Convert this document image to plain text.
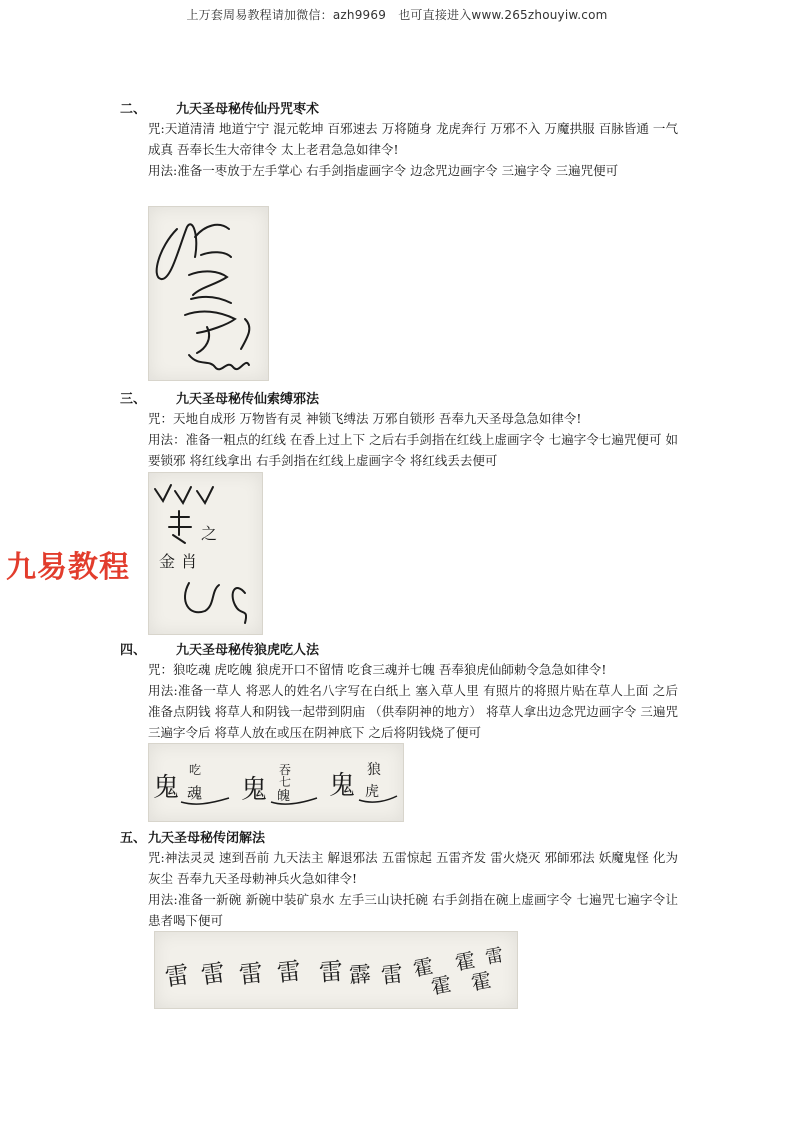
上万套周易教程请加微信：azh9969　也可直接进入www.265zhouyiw.com
二、 九天圣母秘传仙丹咒枣术
咒:天道清清 地道宁宁 混元乾坤 百邪速去 万将随身 龙虎奔行 万邪不入 万魔拱服 百脉皆通 一气成真 吾奉长生大帝律令 太上老君急急如律令!
用法:准备一枣放于左手掌心 右手剑指虚画字令 边念咒边画字令 三遍字令 三遍咒便可
三、 九天圣母秘传仙索缚邪法
咒：天地自成形 万物皆有灵 神锁飞缚法 万邪自锁形 吾奉九天圣母急急如律令!
用法：准备一粗点的红线 在香上过上下 之后右手剑指在红线上虚画字令 七遍字令七遍咒便可 如要锁邪 将红线拿出 右手剑指在红线上虚画字令 将红线丢去便可
之
金 肖
九易教程
四、 九天圣母秘传狼虎吃人法
咒：狼吃魂 虎吃魄 狼虎开口不留情 吃食三魂并七魄 吾奉狼虎仙師勅令急急如律令!
用法:准备一草人 将恶人的姓名八字写在白纸上 塞入草人里 有照片的将照片贴在草人上面 之后准备点阴钱 将草人和阴钱一起带到阴庙 （供奉阴神的地方） 将草人拿出边念咒边画字令 三遍咒三遍字令后 将草人放在或压在阴神底下 之后将阴钱烧了便可
鬼
吃
魂 鬼
吞
七
魄 鬼
狼
虎
五、 九天圣母秘传闭解法
咒:神法灵灵 速到吾前 九天法主 解退邪法 五雷惊起 五雷齐发 雷火烧灭 邪師邪法 妖魔鬼怪 化为灰尘 吾奉九天圣母勅神兵火急如律令!
用法:准备一新碗 新碗中装矿泉水 左手三山诀托碗 右手剑指在碗上虚画字令 七遍咒七遍字令让患者喝下便可
雷 雷 雷 雷 雷 霹 雷 霍
霍
霍
霍
雷
